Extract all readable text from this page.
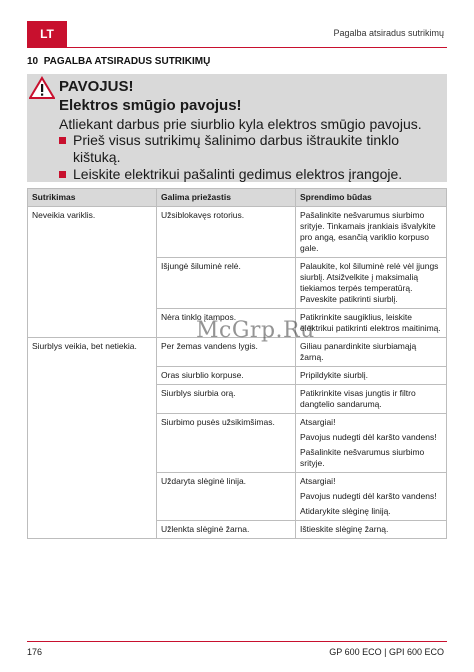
LT	Pagalba atsiradus sutrikimų
10 PAGALBA ATSIRADUS SUTRIKIMŲ
PAVOJUS!
Elektros smūgio pavojus!
Atliekant darbus prie siurblio kyla elektros smūgio pavojus.
Prieš visus sutrikimų šalinimo darbus ištraukite tinklo kištuką.
Leiskite elektrikui pašalinti gedimus elektros įrangoje.
Sutrikimas	Galima priežastis	Sprendimo būdas
Neveikia variklis.	Užsiblokavęs rotorius.	Pašalinkite nešvarumus siurbimo srityje. Tinkamais įrankiais išvalykite pro angą, esančią variklio korpuso gale.
	Išjungė šiluminė relė.	Palaukite, kol šiluminė relė vėl įjungs siurblį. Atsižvelkite į maksimalią tiekiamos terpės temperatūrą. Paveskite patikrinti siurblį.
	Nėra tinklo įtampos.	Patikrinkite saugiklius, leiskite elektrikui patikrinti elektros maitinimą.
Siurblys veikia, bet netiekia.	Per žemas vandens lygis.	Giliau panardinkite siurbiamąją žarną.
	Oras siurblio korpuse.	Pripildykite siurblį.
	Siurblys siurbia orą.	Patikrinkite visas jungtis ir filtro dangtelio sandarumą.
	Siurbimo pusės užsikimšimas.	Atsargiai!

Pavojus nudegti dėl karšto vandens!

Pašalinkite nešvarumus siurbimo srityje.

	Uždaryta slėginė linija.	Atsargiai!

Pavojus nudegti dėl karšto vandens!

Atidarykite slėginę liniją.

	Užlenkta slėginė žarna.	Ištieskite slėginę žarną.
McGrp.Ru
176	GP 600 ECO | GPI 600 ECO
